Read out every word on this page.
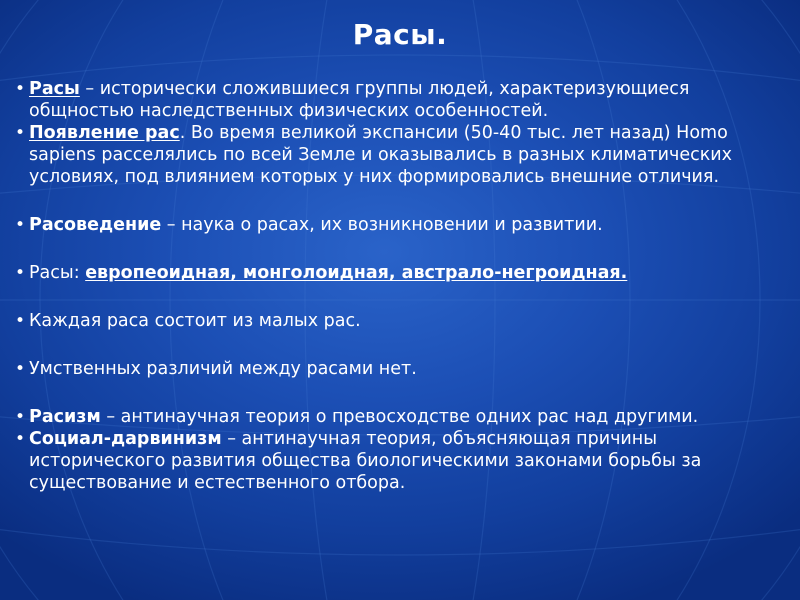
Расы.
• Расы – исторически сложившиеся группы людей, характеризующиеся общностью наследственных физических особенностей.
• Появление рас. Во время великой экспансии (50-40 тыс. лет назад) Homo sapiens расселялись по всей Земле и оказывались в разных климатических условиях, под влиянием которых у них формировались внешние отличия.
• Расоведение – наука о расах, их возникновении и развитии.
• Расы: европеоидная, монголоидная, австрало-негроидная.
• Каждая раса состоит из малых рас.
• Умственных различий между расами нет.
• Расизм – антинаучная теория о превосходстве одних рас над другими.
• Социал-дарвинизм – антинаучная теория, объясняющая причины исторического развития общества биологическими законами борьбы за существование и естественного отбора.
